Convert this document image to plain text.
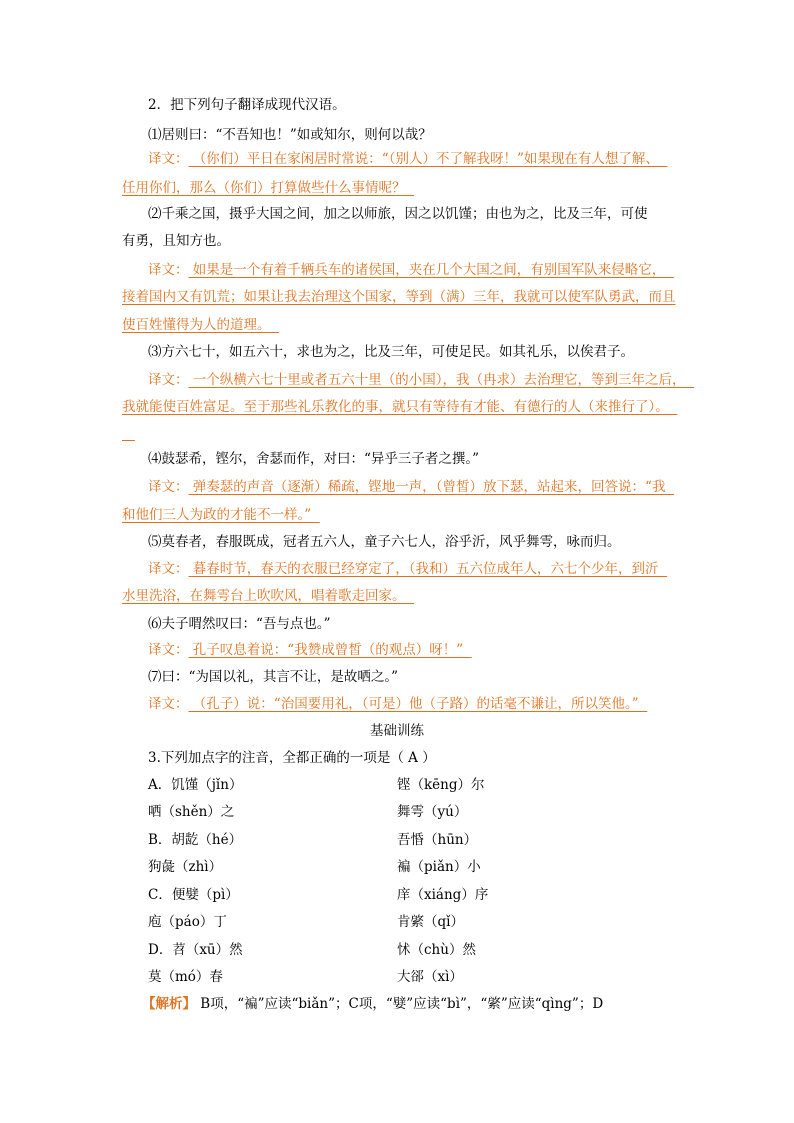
2．把下列句子翻译成现代汉语。
⑴居则曰：“不吾知也！”如或知尔，则何以哉？
译文： （你们）平日在家闲居时常说：“（别人）不了解我呀！”如果现在有人想了解、
任用你们，那么（你们）打算做些什么事情呢？
⑵千乘之国，摄乎大国之间，加之以师旅，因之以饥馑；由也为之，比及三年，可使
有勇，且知方也。
译文： 如果是一个有着千辆兵车的诸侯国，夹在几个大国之间，有别国军队来侵略它，
接着国内又有饥荒；如果让我去治理这个国家，等到（满）三年，我就可以使军队勇武，而且
使百姓懂得为人的道理。
⑶方六七十，如五六十，求也为之，比及三年，可使足民。如其礼乐，以俟君子。
译文： 一个纵横六七十里或者五六十里（的小国），我（冉求）去治理它，等到三年之后，
我就能使百姓富足。至于那些礼乐教化的事，就只有等待有才能、有德行的人（来推行了）。
⑷鼓瑟希，铿尔，舍瑟而作，对曰：“异乎三子者之撰。”
译文： 弹奏瑟的声音（逐渐）稀疏，铿地一声，（曾皙）放下瑟，站起来，回答说：“我
和他们三人为政的才能不一样。”
⑸莫春者，春服既成，冠者五六人，童子六七人，浴乎沂，风乎舞雩，咏而归。
译文： 暮春时节，春天的衣服已经穿定了，（我和）五六位成年人，六七个少年，到沂
水里洗浴，在舞雩台上吹吹风，唱着歌走回家。
⑹夫子喟然叹曰：“吾与点也。”
译文： 孔子叹息着说：“我赞成曾皙（的观点）呀！”
⑺曰：“为国以礼，其言不让，是故哂之。”
译文： （孔子）说：“治国要用礼，（可是）他（子路）的话毫不谦让，所以笑他。”

基础训练
3.下列加点字的注音，全都正确的一项是（ A ）
A．饥馑（jǐn）	铿（kēng）尔
哂（shěn）之	舞雩（yú）
B．胡龁（hé）	吾惛（hūn）
狗彘（zhì）	褊（piǎn）小
C．便嬖（pì）	庠（xiáng）序
庖（páo）丁	肯綮（qǐ）
D．苕（xū）然	怵（chù）然
莫（mó）春	大郤（xì）
【解析】 B项，“褊”应读“biǎn”；C项，“嬖”应读“bì”，“綮”应读“qìng”；D
